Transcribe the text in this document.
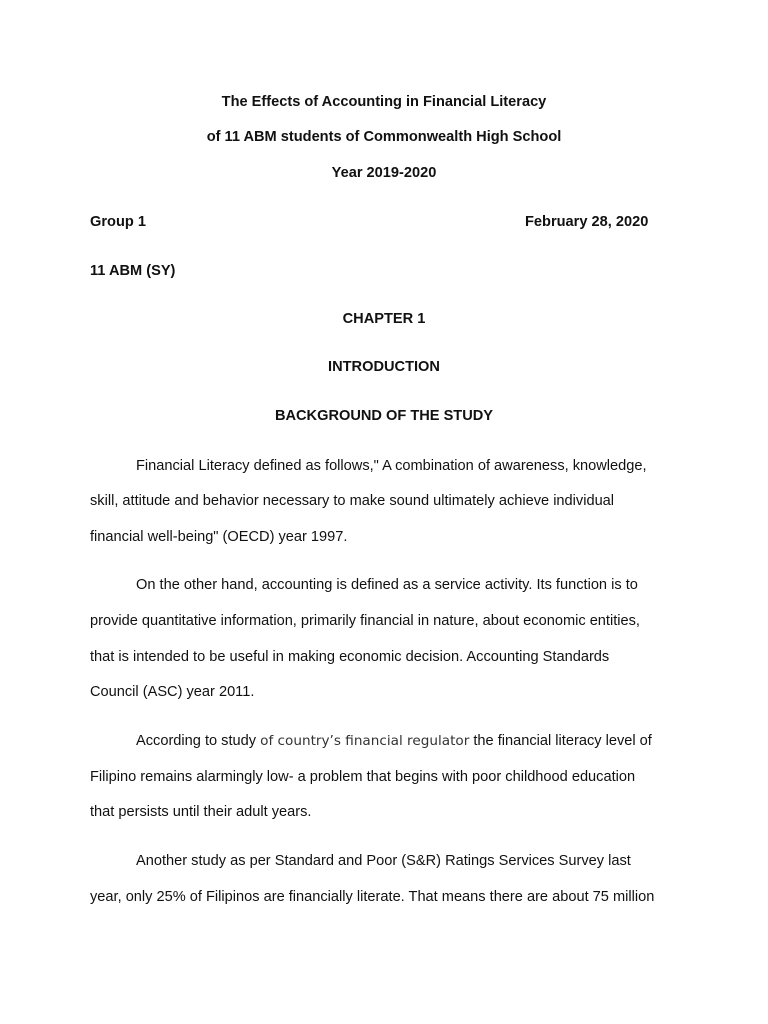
The Effects of Accounting in Financial Literacy
of 11 ABM students of Commonwealth High School
Year 2019-2020
Group 1	February 28, 2020
11 ABM (SY)
CHAPTER 1
INTRODUCTION
BACKGROUND OF THE STUDY
Financial Literacy defined as follows," A combination of awareness, knowledge,
skill, attitude and behavior necessary to make sound ultimately achieve individual
financial well-being" (OECD) year 1997.
On the other hand, accounting is defined as a service activity. Its function is to
provide quantitative information, primarily financial in nature, about economic entities,
that is intended to be useful in making economic decision. Accounting Standards
Council (ASC) year 2011.
According to study of country’s financial regulator the financial literacy level of
Filipino remains alarmingly low- a problem that begins with poor childhood education
that persists until their adult years.
Another study as per Standard and Poor (S&R) Ratings Services Survey last
year, only 25% of Filipinos are financially literate. That means there are about 75 million
